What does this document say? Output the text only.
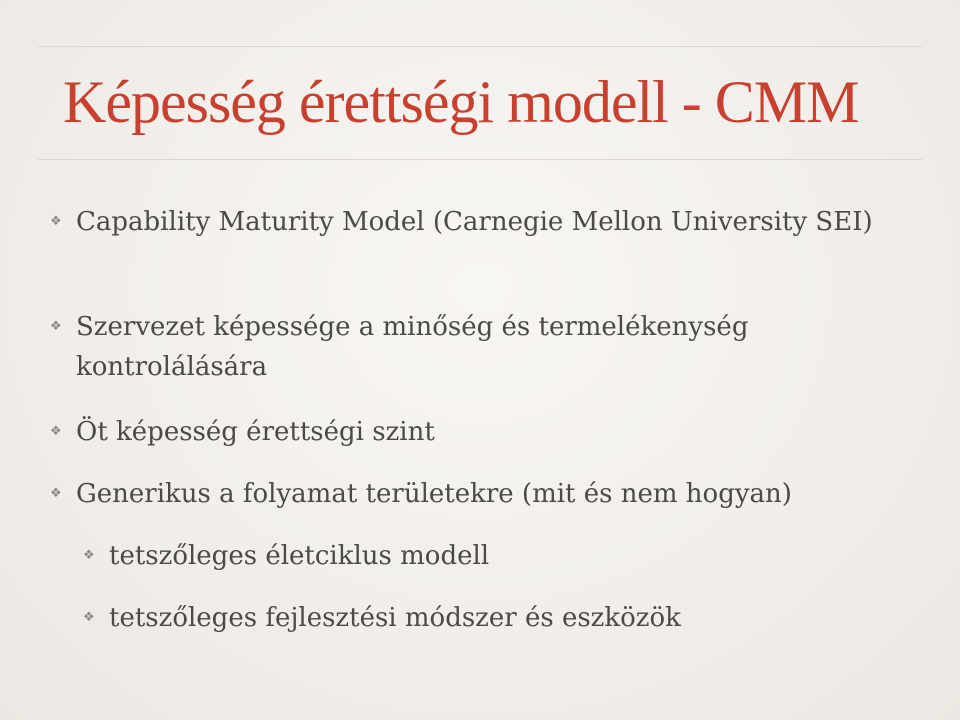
Képesség érettségi modell - CMM
❖ Capability Maturity Model (Carnegie Mellon University SEI)
❖ Szervezet képessége a minőség és termelékenység kontrolálására
❖ Öt képesség érettségi szint
❖ Generikus a folyamat területekre (mit és nem hogyan)
❖ tetszőleges életciklus modell
❖ tetszőleges fejlesztési módszer és eszközök
